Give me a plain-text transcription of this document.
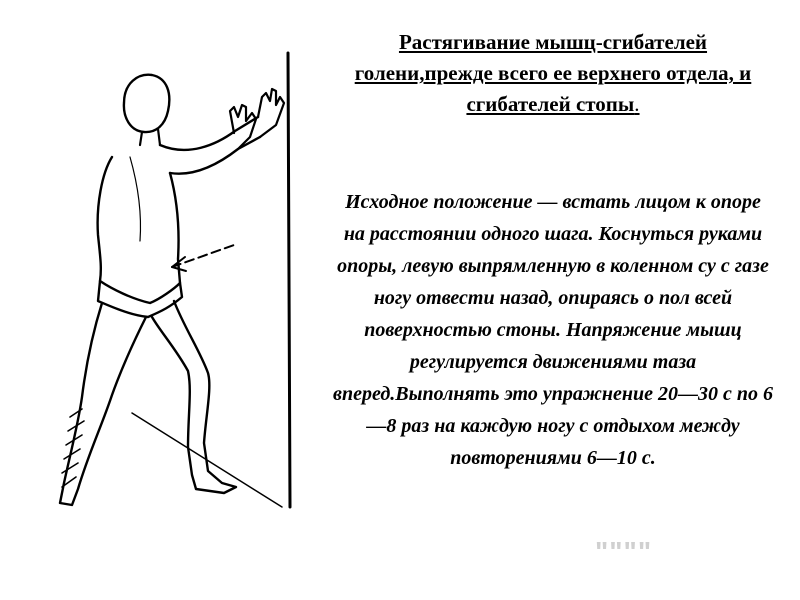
Растягивание мышц-сгибателей голени,прежде всего ее верхнего отдела, и сгибателей стопы.
Исходное положение — встать лицом к опоре на расстоянии одного шага. Коснуться руками опоры, левую выпрямленную в коленном су с газе ногу отвести назад, опираясь о пол всей поверхностью стоны. Напряжение мышц регулируется движениями таза вперед.Выполнять это упражнение 20—30 с по 6—8 раз на каждую ногу с отдыхом между повторениями 6—10 с.
""""
